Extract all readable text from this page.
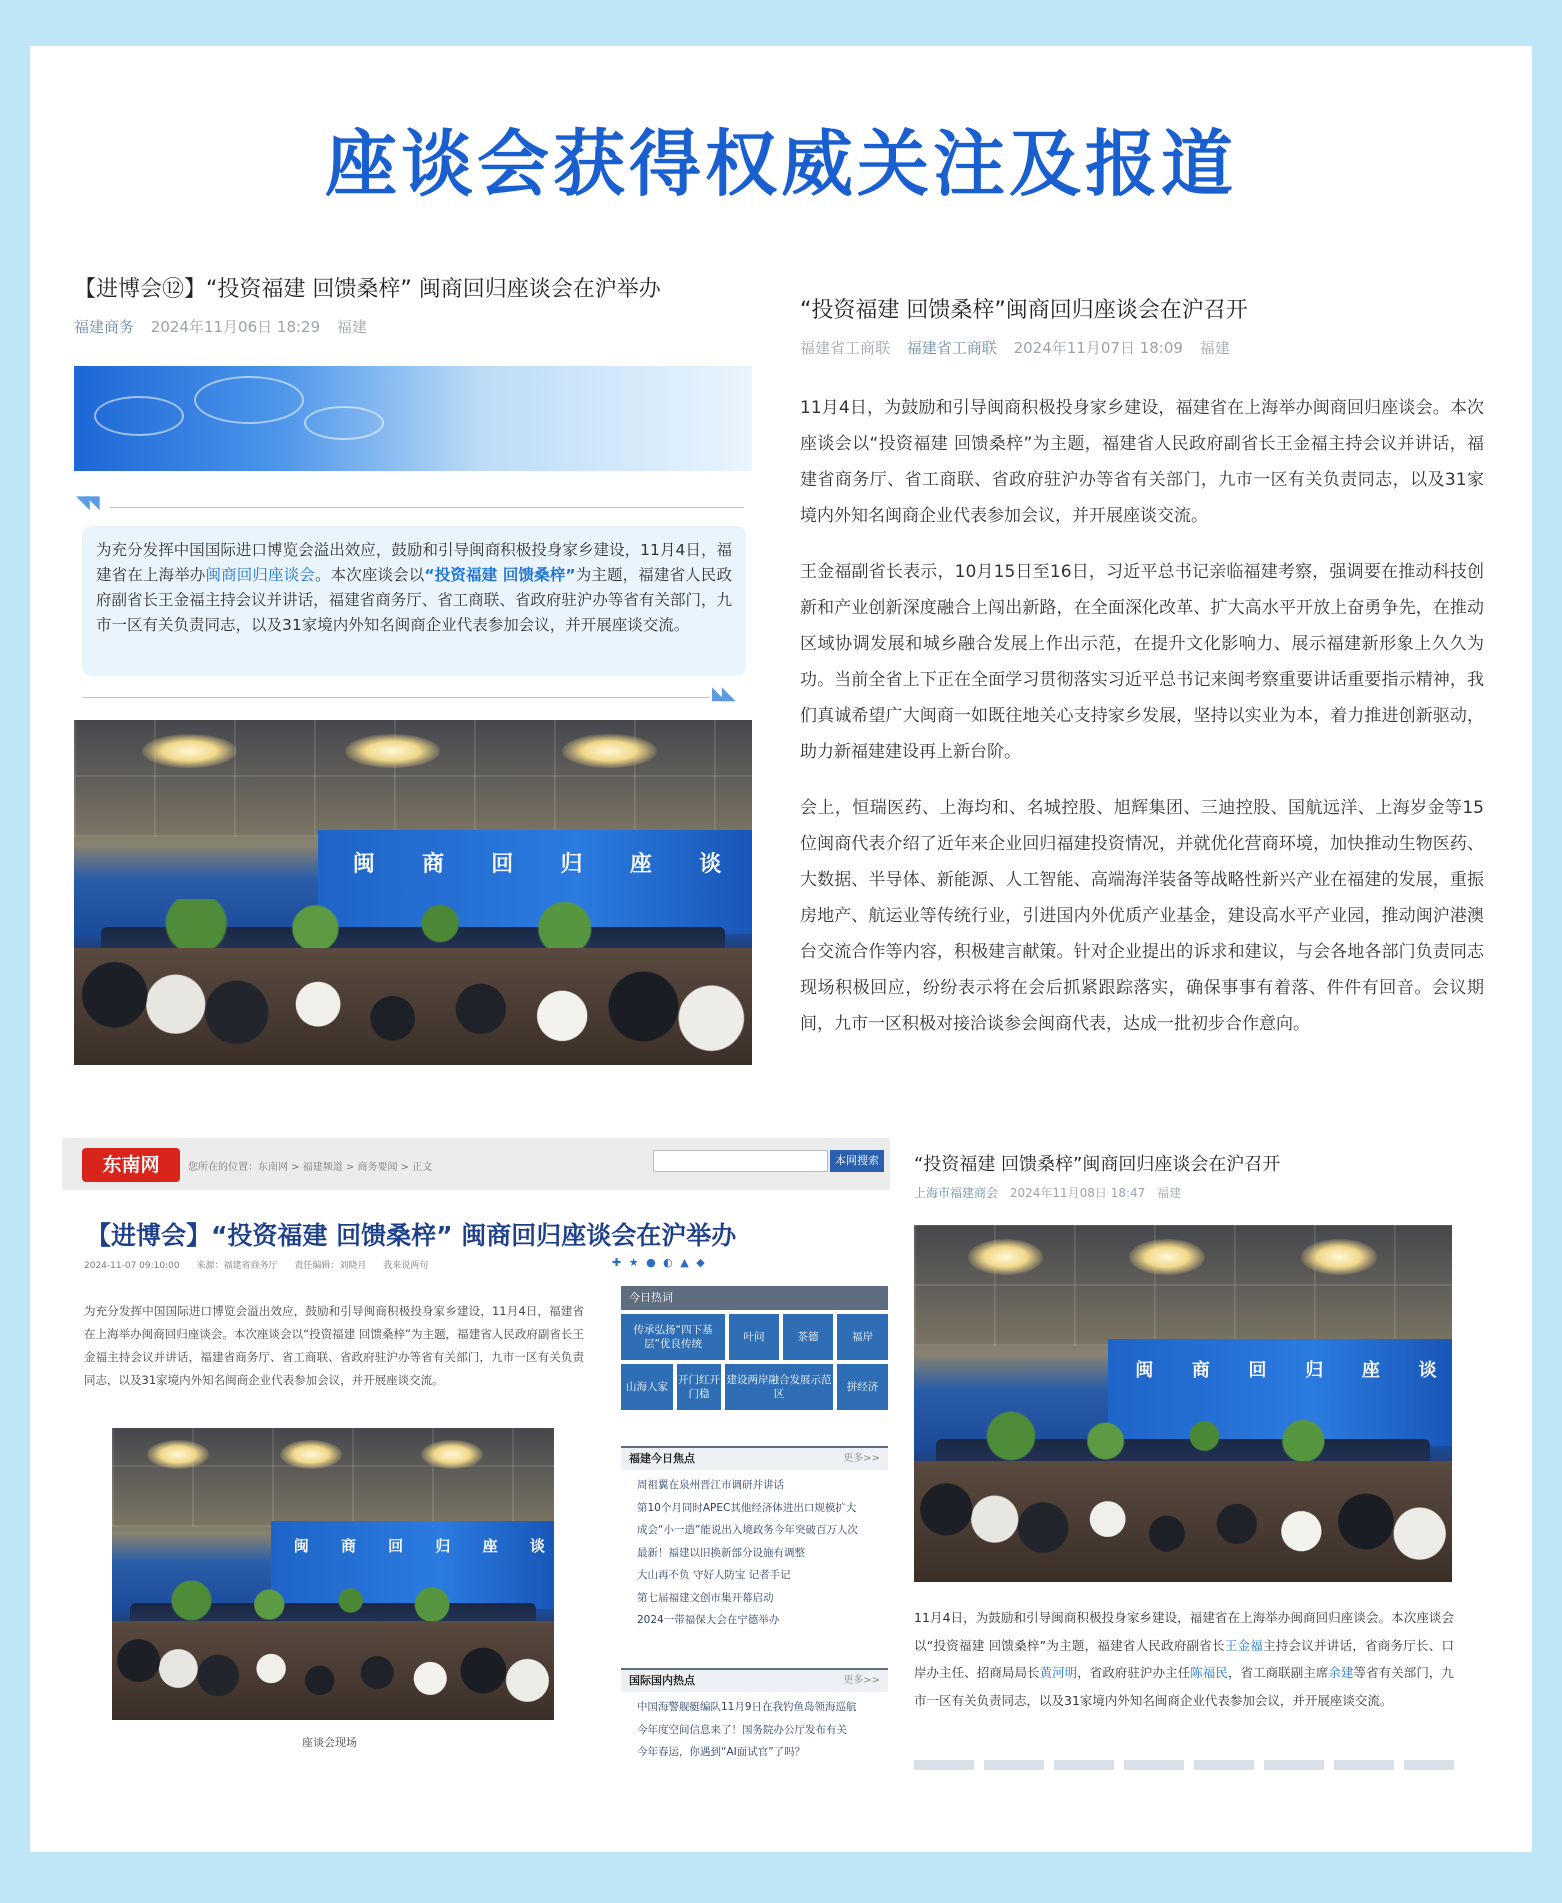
座谈会获得权威关注及报道
【进博会⑫】“投资福建 回馈桑梓” 闽商回归座谈会在沪举办
福建商务 2024年11月06日 18:29 福建
◥◥
为充分发挥中国国际进口博览会溢出效应，鼓励和引导闽商积极投身家乡建设，11月4日，福建省在上海举办闽商回归座谈会。本次座谈会以“投资福建 回馈桑梓”为主题，福建省人民政府副省长王金福主持会议并讲话，福建省商务厅、省工商联、省政府驻沪办等省有关部门，九市一区有关负责同志，以及31家境内外知名闽商企业代表参加会议，并开展座谈交流。
◣◣
闽 商 回 归 座 谈 会
“投资福建 回馈桑梓”闽商回归座谈会在沪召开
福建省工商联 福建省工商联 2024年11月07日 18:09 福建

11月4日，为鼓励和引导闽商积极投身家乡建设，福建省在上海举办闽商回归座谈会。本次座谈会以“投资福建 回馈桑梓”为主题，福建省人民政府副省长王金福主持会议并讲话，福建省商务厅、省工商联、省政府驻沪办等省有关部门，九市一区有关负责同志，以及31家境内外知名闽商企业代表参加会议，并开展座谈交流。

王金福副省长表示，10月15日至16日，习近平总书记亲临福建考察，强调要在推动科技创新和产业创新深度融合上闯出新路，在全面深化改革、扩大高水平开放上奋勇争先，在推动区域协调发展和城乡融合发展上作出示范，在提升文化影响力、展示福建新形象上久久为功。当前全省上下正在全面学习贯彻落实习近平总书记来闽考察重要讲话重要指示精神，我们真诚希望广大闽商一如既往地关心支持家乡发展，坚持以实业为本，着力推进创新驱动，助力新福建建设再上新台阶。

会上，恒瑞医药、上海均和、名城控股、旭辉集团、三迪控股、国航远洋、上海岁金等15位闽商代表介绍了近年来企业回归福建投资情况，并就优化营商环境，加快推动生物医药、大数据、半导体、新能源、人工智能、高端海洋装备等战略性新兴产业在福建的发展，重振房地产、航运业等传统行业，引进国内外优质产业基金，建设高水平产业园，推动闽沪港澳台交流合作等内容，积极建言献策。针对企业提出的诉求和建议，与会各地各部门负责同志现场积极回应，纷纷表示将在会后抓紧跟踪落实，确保事事有着落、件件有回音。会议期间，九市一区积极对接洽谈参会闽商代表，达成一批初步合作意向。

东南网	您所在的位置：东南网 > 福建频道 > 商务要闻 > 正文
本网搜索
【进博会】“投资福建 回馈桑梓” 闽商回归座谈会在沪举办
2024-11-07 09:10:00 来源：福建省商务厅 责任编辑：刘晓月 我来说两句	✚ ★ ● ◐ ▲ ◆
为充分发挥中国国际进口博览会溢出效应，鼓励和引导闽商积极投身家乡建设，11月4日，福建省在上海举办闽商回归座谈会。本次座谈会以“投资福建 回馈桑梓”为主题，福建省人民政府副省长王金福主持会议并讲话，福建省商务厅、省工商联、省政府驻沪办等省有关部门，九市一区有关负责同志，以及31家境内外知名闽商企业代表参加会议，并开展座谈交流。
闽 商 回 归 座 谈 会
座谈会现场
今日热词
传承弘扬“四下基层”优良传统
叶问	茶德	福岸
山海人家
开门红开门稳
建设两岸融合发展示范区
拼经济
福建今日焦点	更多>>
周祖翼在泉州晋江市调研并讲话
第10个月同时APEC其他经济体进出口规模扩大
成会“小一造”能说出入境政务今年突破百万人次
最新！福建以旧换新部分设施有调整
大山再不负 守好人防宝 记者手记
第七届福建文创市集开幕启动
2024一带福保大会在宁德举办
国际国内热点	更多>>
中国海警舰艇编队11月9日在我钓鱼岛领海巡航
今年度空间信息来了！国务院办公厅发布有关
今年春运，你遇到“AI面试官”了吗？
“投资福建 回馈桑梓”闽商回归座谈会在沪召开
上海市福建商会 2024年11月08日 18:47 福建
闽 商 回 归 座 谈 会
11月4日，为鼓励和引导闽商积极投身家乡建设，福建省在上海举办闽商回归座谈会。本次座谈会以“投资福建 回馈桑梓”为主题，福建省人民政府副省长王金福主持会议并讲话，省商务厅长、口岸办主任、招商局局长黄河明，省政府驻沪办主任陈福民，省工商联副主席余建等省有关部门，九市一区有关负责同志，以及31家境内外知名闽商企业代表参加会议，并开展座谈交流。
